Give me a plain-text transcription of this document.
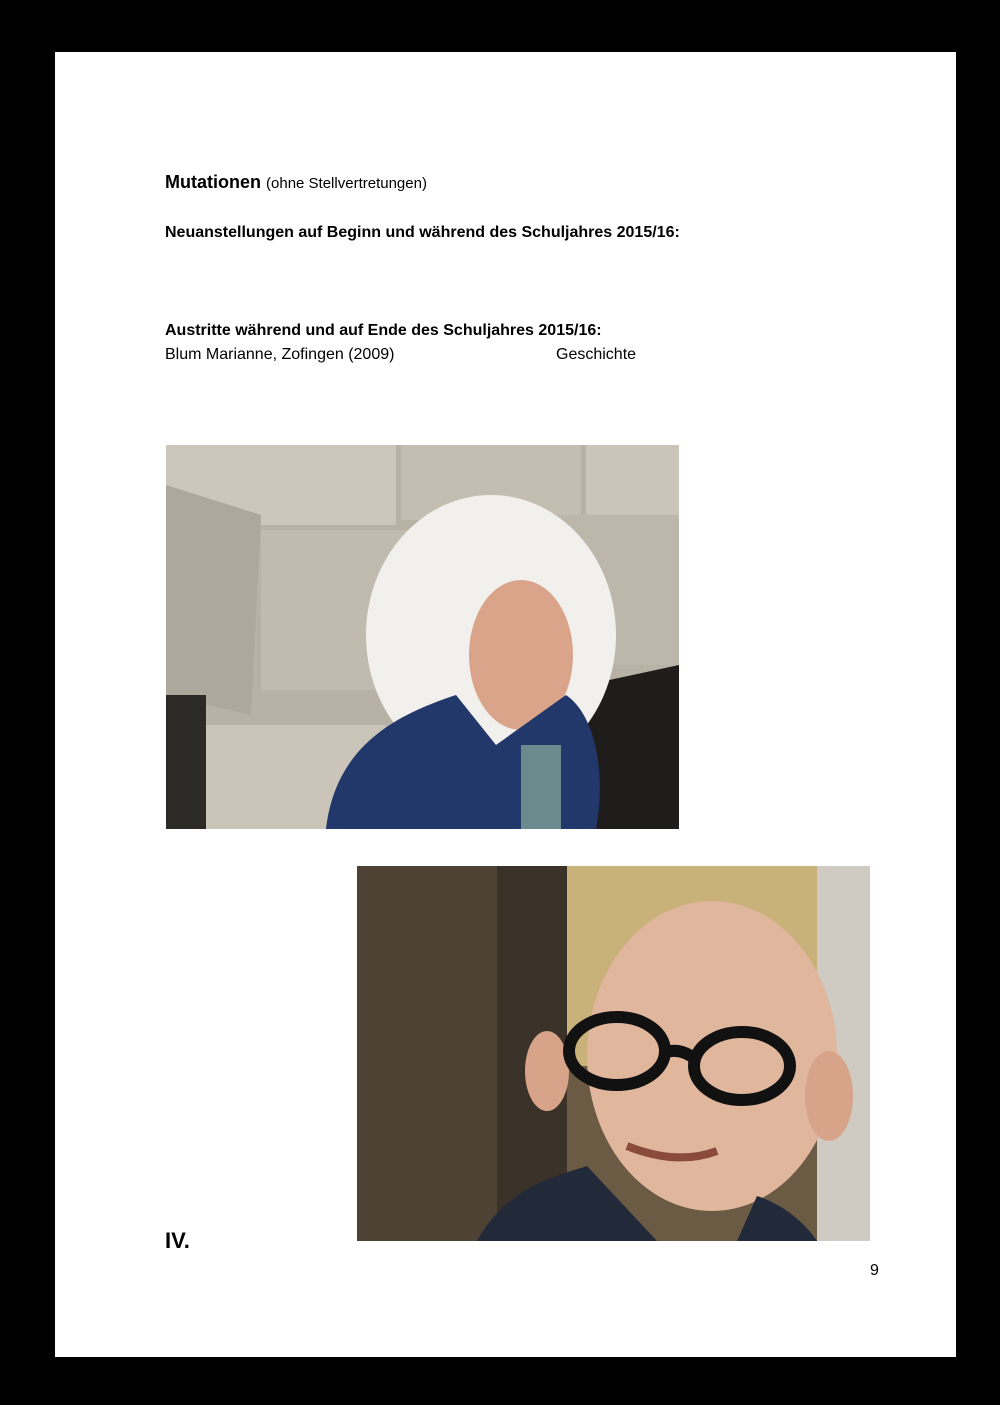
Mutationen (ohne Stellvertretungen)
Neuanstellungen auf Beginn und während des Schuljahres 2015/16:
Austritte während und auf Ende des Schuljahres 2015/16:
Blum Marianne, Zofingen (2009)	Geschichte
IV.
9
